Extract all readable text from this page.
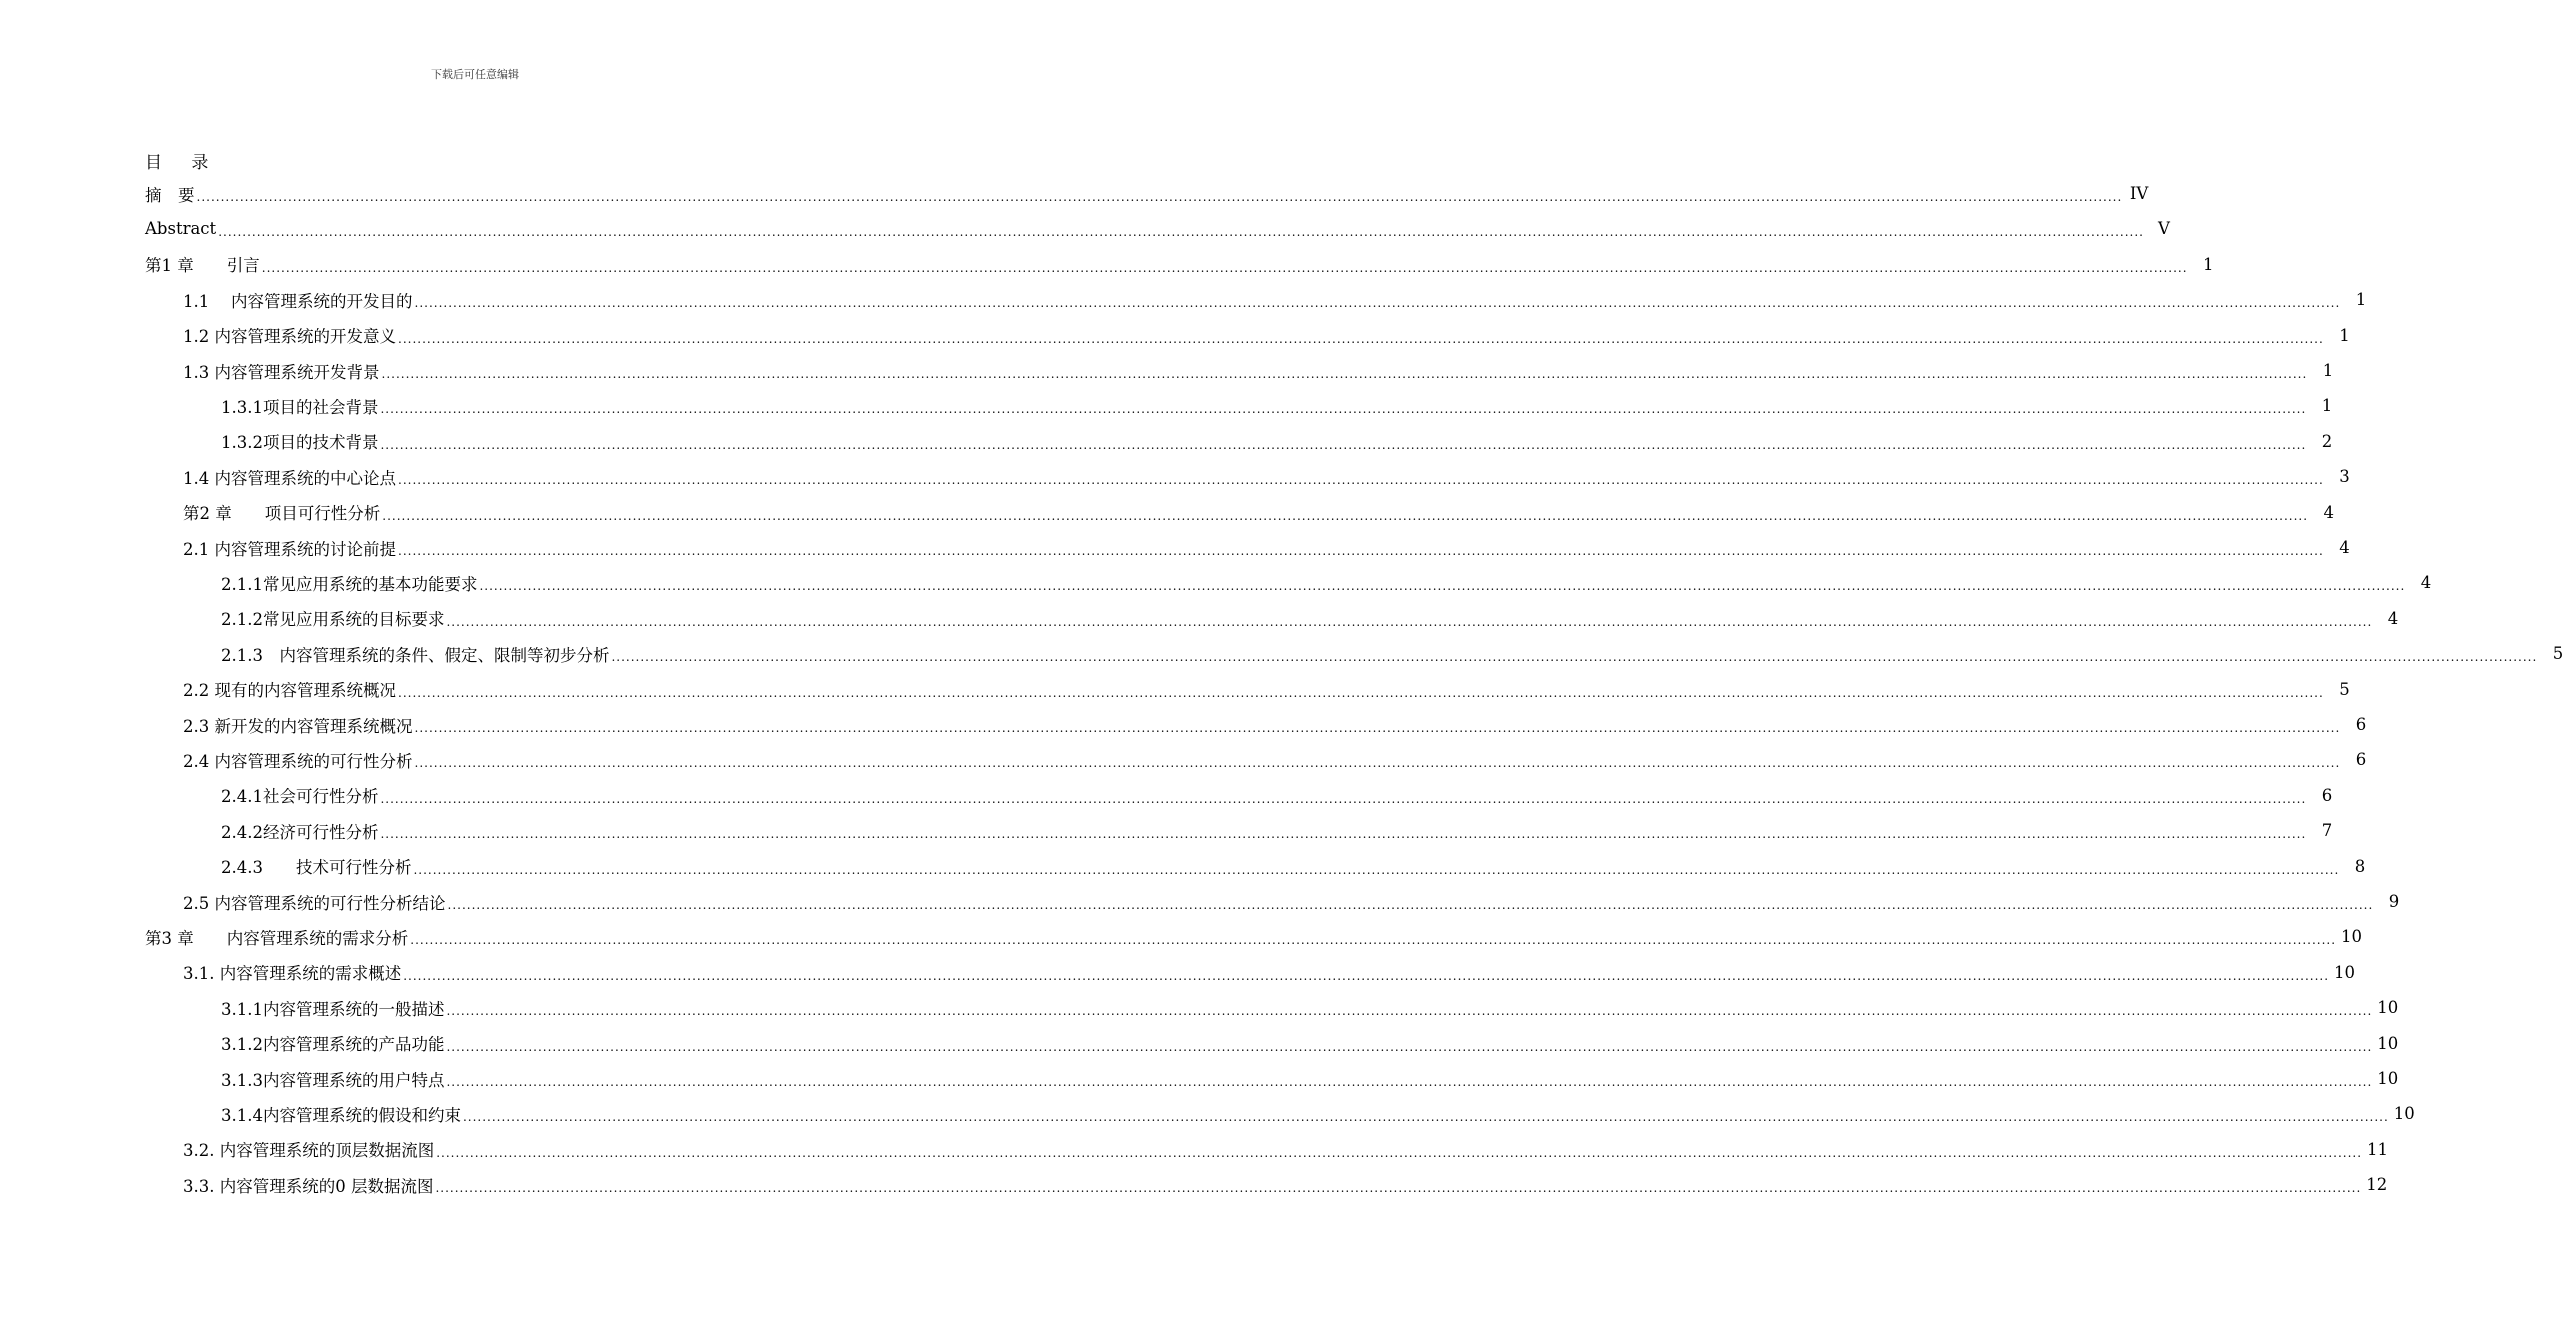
下载后可任意编辑
目 录
摘　要 ................................................................................................................................................................................................................................................................................................................................................................................................................ IV
Abstract ................................................................................................................................................................................................................................................................................................................................................................................................................ V
第1 章　　引言 ................................................................................................................................................................................................................................................................................................................................................................................................................ 1
1.1　 内容管理系统的开发目的 ................................................................................................................................................................................................................................................................................................................................................................................................................ 1
1.2 内容管理系统的开发意义 ................................................................................................................................................................................................................................................................................................................................................................................................................ 1
1.3 内容管理系统开发背景 ................................................................................................................................................................................................................................................................................................................................................................................................................ 1
1.3.1项目的社会背景 ................................................................................................................................................................................................................................................................................................................................................................................................................ 1
1.3.2项目的技术背景 ................................................................................................................................................................................................................................................................................................................................................................................................................ 2
1.4 内容管理系统的中心论点 ................................................................................................................................................................................................................................................................................................................................................................................................................ 3
第2 章　　项目可行性分析 ................................................................................................................................................................................................................................................................................................................................................................................................................ 4
2.1 内容管理系统的讨论前提 ................................................................................................................................................................................................................................................................................................................................................................................................................ 4
2.1.1常见应用系统的基本功能要求 ................................................................................................................................................................................................................................................................................................................................................................................................................ 4
2.1.2常见应用系统的目标要求 ................................................................................................................................................................................................................................................................................................................................................................................................................ 4
2.1.3　内容管理系统的条件、假定、限制等初步分析 ................................................................................................................................................................................................................................................................................................................................................................................................................ 5
2.2 现有的内容管理系统概况 ................................................................................................................................................................................................................................................................................................................................................................................................................ 5
2.3 新开发的内容管理系统概况 ................................................................................................................................................................................................................................................................................................................................................................................................................ 6
2.4 内容管理系统的可行性分析 ................................................................................................................................................................................................................................................................................................................................................................................................................ 6
2.4.1社会可行性分析 ................................................................................................................................................................................................................................................................................................................................................................................................................ 6
2.4.2经济可行性分析 ................................................................................................................................................................................................................................................................................................................................................................................................................ 7
2.4.3　　技术可行性分析 ................................................................................................................................................................................................................................................................................................................................................................................................................ 8
2.5 内容管理系统的可行性分析结论 ................................................................................................................................................................................................................................................................................................................................................................................................................ 9
第3 章　　内容管理系统的需求分析 ................................................................................................................................................................................................................................................................................................................................................................................................................ 10
3.1. 内容管理系统的需求概述 ................................................................................................................................................................................................................................................................................................................................................................................................................ 10
3.1.1内容管理系统的一般描述 ................................................................................................................................................................................................................................................................................................................................................................................................................ 10
3.1.2内容管理系统的产品功能 ................................................................................................................................................................................................................................................................................................................................................................................................................ 10
3.1.3内容管理系统的用户特点 ................................................................................................................................................................................................................................................................................................................................................................................................................ 10
3.1.4内容管理系统的假设和约束 ................................................................................................................................................................................................................................................................................................................................................................................................................ 10
3.2. 内容管理系统的顶层数据流图 ................................................................................................................................................................................................................................................................................................................................................................................................................ 11
3.3. 内容管理系统的0 层数据流图 ................................................................................................................................................................................................................................................................................................................................................................................................................ 12
